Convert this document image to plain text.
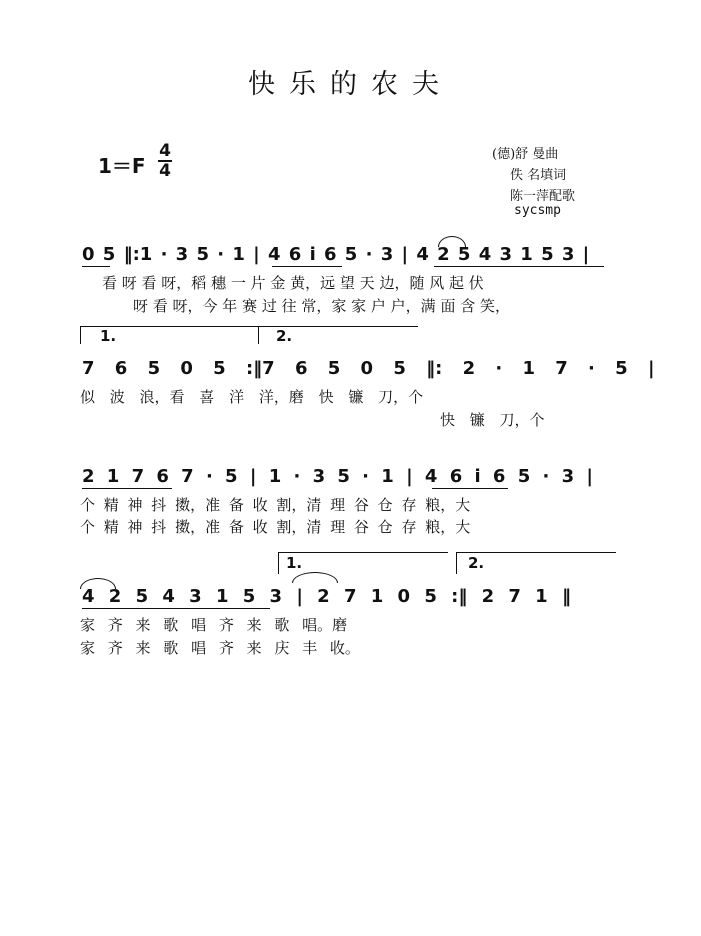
快乐的农夫
1＝F
4
4
(德)舒 曼曲
佚 名填词
陈一萍配歌
sycsmp
0 5 ‖:1 · 3 5 · 1 | 4 6 i 6 5 · 3 | 4 2 5 4 3 1 5 3 |
看 呀 看 呀，稻 穗 一 片 金 黄，远 望 天 边，随 风 起 伏
呀 看 呀，今 年 赛 过 往 常，家 家 户 户，满 面 含 笑，
1.	2.
7 6 5 0 5 :‖7 6 5 0 5 ‖: 2 · 1 7 · 5 |
似 波 浪，看 喜 洋 洋，磨 快 镰 刀，个
快 镰 刀，个
2 1 7 6 7 · 5 | 1 · 3 5 · 1 | 4 6 i 6 5 · 3 |
个 精 神 抖 擞，准 备 收 割，清 理 谷 仓 存 粮，大
个 精 神 抖 擞，准 备 收 割，清 理 谷 仓 存 粮，大
1.	2.
4 2 5 4 3 1 5 3 | 2 7 1 0 5 :‖ 2 7 1 ‖
家 齐 来 歌 唱 齐 来 歌 唱。磨
家 齐 来 歌 唱 齐 来 庆 丰 收。
